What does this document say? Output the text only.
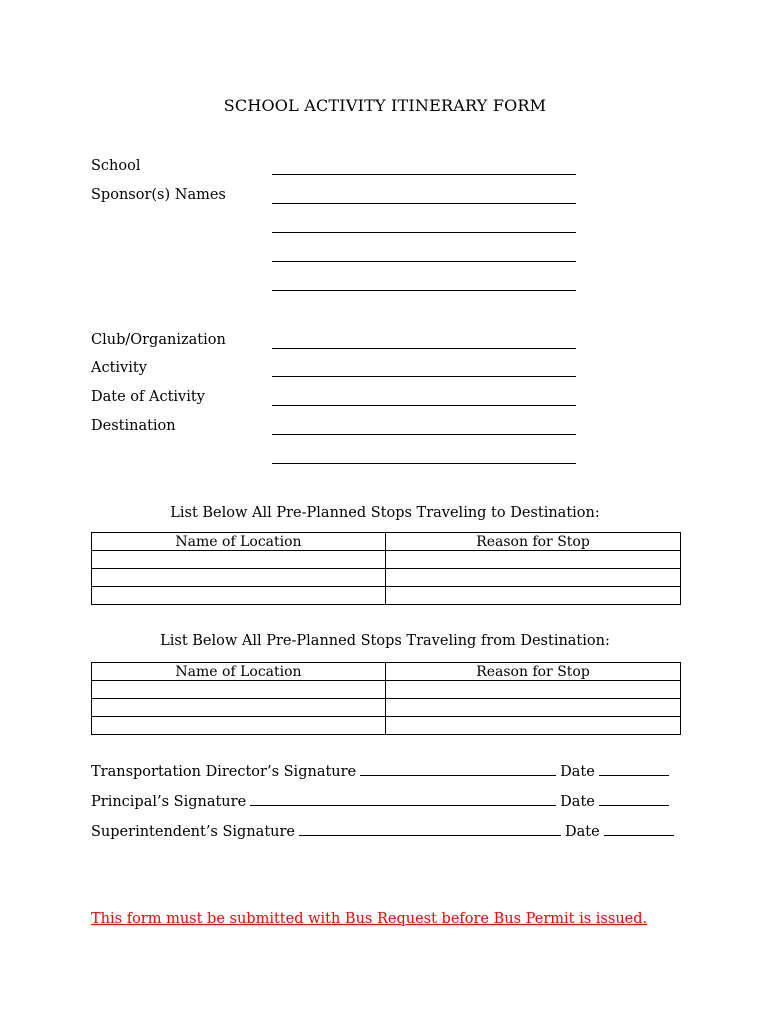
SCHOOL ACTIVITY ITINERARY FORM
School
Sponsor(s) Names
Club/Organization
Activity
Date of Activity
Destination
List Below All Pre-Planned Stops Traveling to Destination:
Name of Location	Reason for Stop

List Below All Pre-Planned Stops Traveling from Destination:
Name of Location	Reason for Stop

Transportation Director’s Signature	Date
Principal’s Signature	Date
Superintendent’s Signature	Date
This form must be submitted with Bus Request before Bus Permit is issued.
